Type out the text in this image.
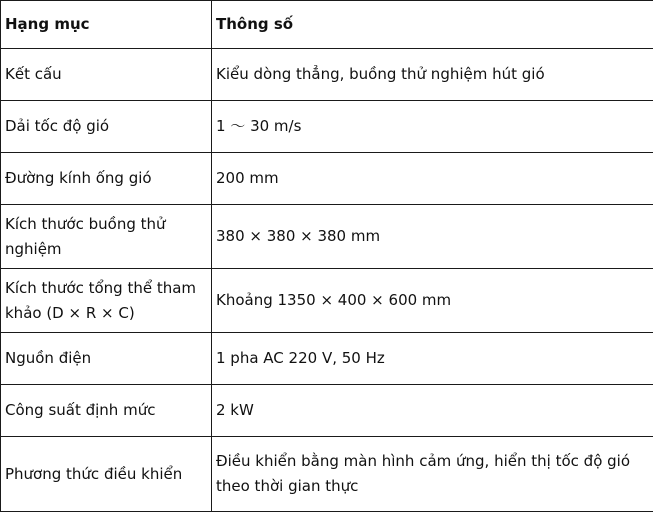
Hạng mục	Thông số
Kết cấu	Kiểu dòng thẳng, buồng thử nghiệm hút gió
Dải tốc độ gió	1 ～ 30 m/s
Đường kính ống gió	200 mm
Kích thước buồng thử nghiệm	380 × 380 × 380 mm
Kích thước tổng thể tham khảo (D × R × C)	Khoảng 1350 × 400 × 600 mm
Nguồn điện	1 pha AC 220 V, 50 Hz
Công suất định mức	2 kW
Phương thức điều khiển	Điều khiển bằng màn hình cảm ứng, hiển thị tốc độ gió theo thời gian thực
